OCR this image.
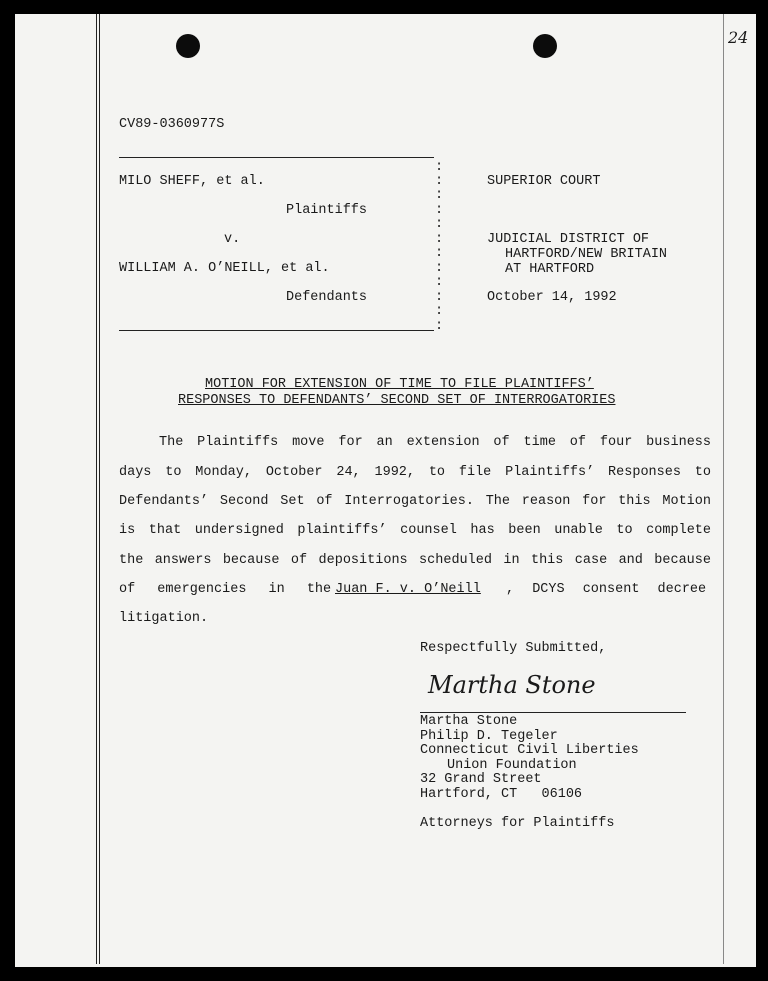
24
CV89-0360977S
MILO SHEFF, et al.
Plaintiffs
v.
WILLIAM A. O’NEILL, et al.
Defendants
:
:
:
:
:
:
:
:
:
:
:
:
SUPERIOR COURT
JUDICIAL DISTRICT OF
HARTFORD/NEW BRITAIN
AT HARTFORD
October 14, 1992
MOTION FOR EXTENSION OF TIME TO FILE PLAINTIFFS’
RESPONSES TO DEFENDANTS’ SECOND SET OF INTERROGATORIES
The Plaintiffs move for an extension of time of four business
days to Monday, October 24, 1992, to file Plaintiffs’ Responses to
Defendants’ Second Set of Interrogatories. The reason for this Motion
is that undersigned plaintiffs’ counsel has been unable to complete
the answers because of depositions scheduled in this case and because
of emergencies in the Juan F. v. O’Neill , DCYS consent decree
litigation.
Respectfully Submitted,
Martha Stone
Martha Stone
Philip D. Tegeler
Connecticut Civil Liberties
Union Foundation
32 Grand Street
Hartford, CT   06106
Attorneys for Plaintiffs
